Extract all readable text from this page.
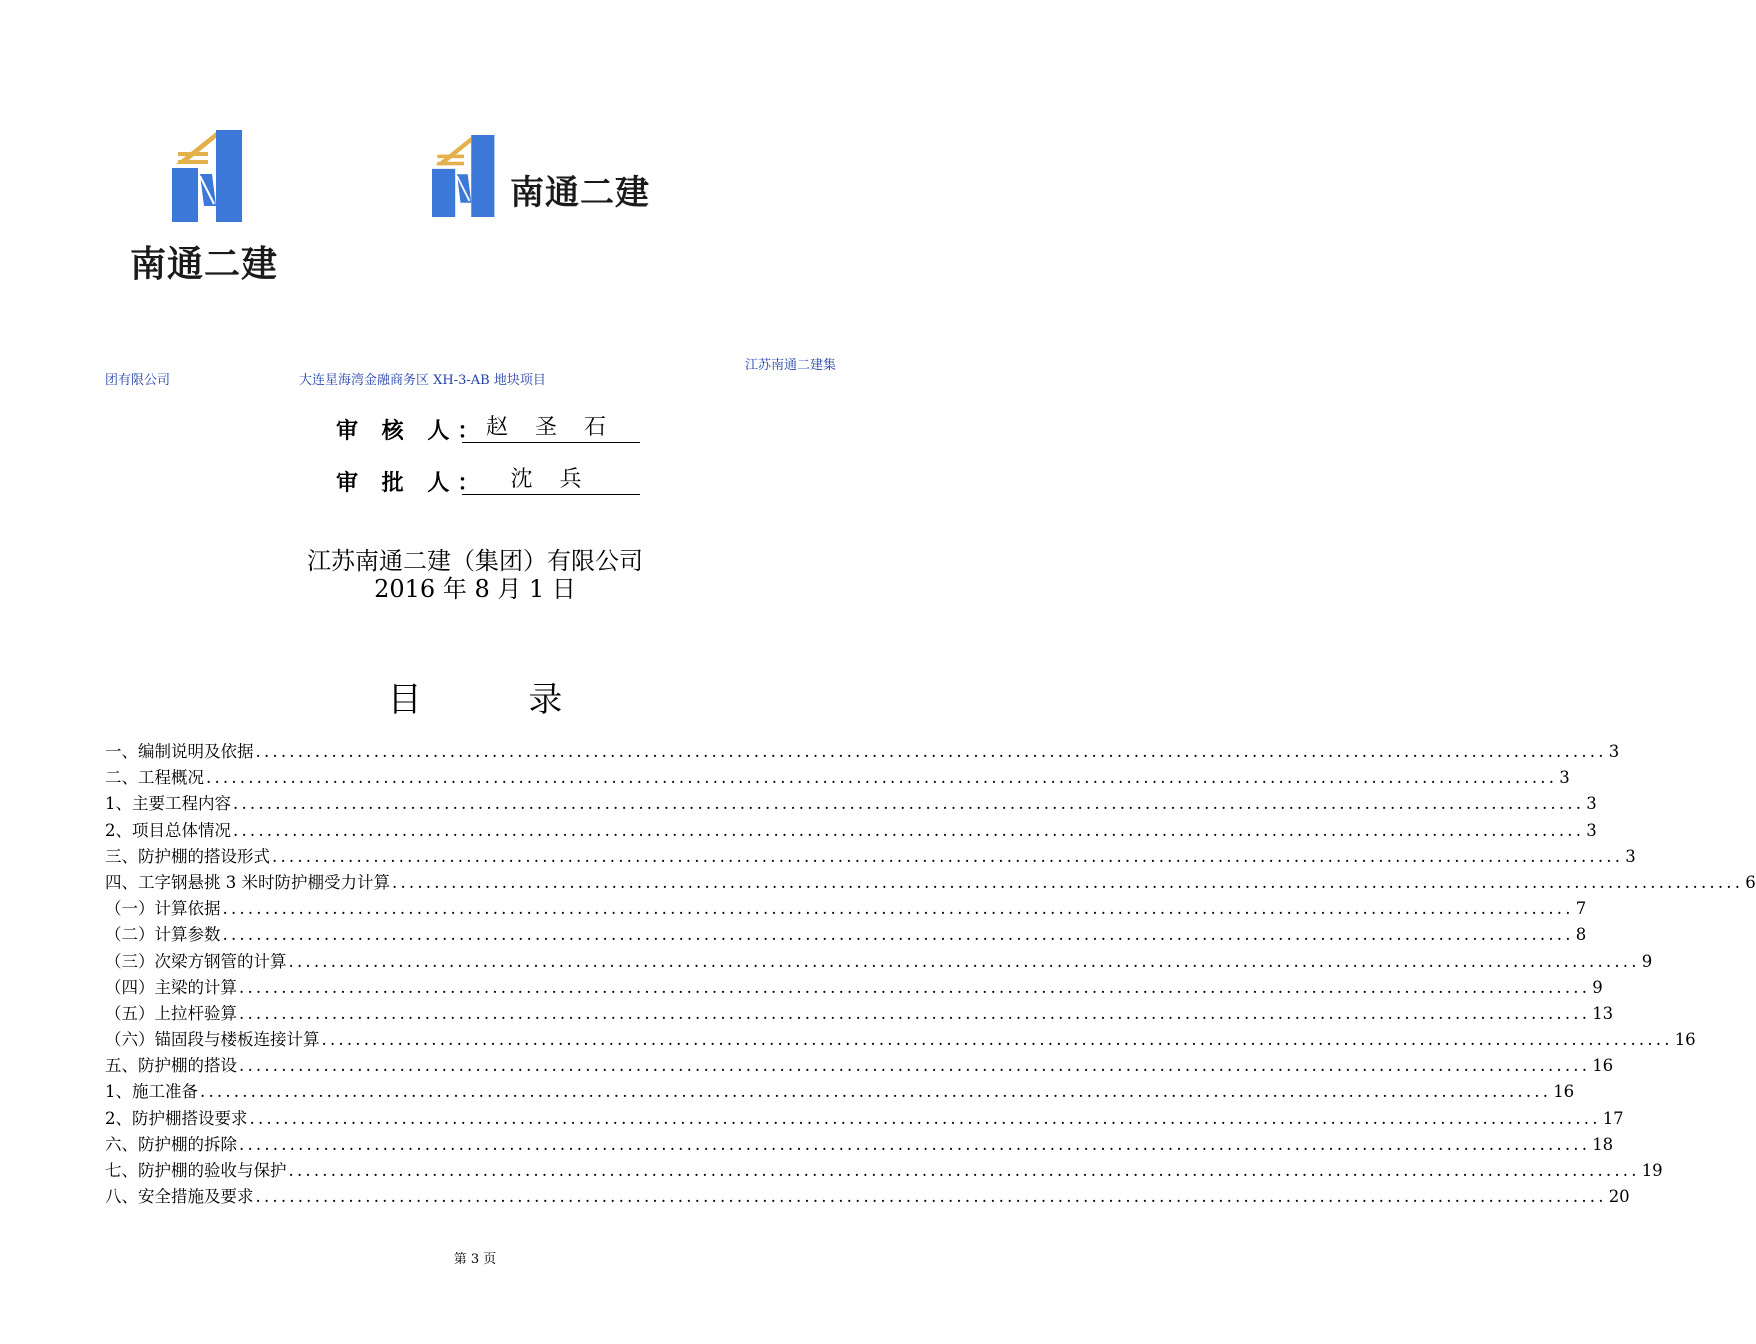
南通二建
南通二建
江苏南通二建集
团有限公司	大连星海湾金融商务区 XH-3-AB 地块项目
审 核 人：
赵 圣 石
审 批 人：	沈 兵
江苏南通二建（集团）有限公司
2016 年 8 月 1 日
目 录
一、编制说明及依据 ................................................................................................................................................................ 3
二、工程概况 ................................................................................................................................................................ 3
1、主要工程内容 ................................................................................................................................................................ 3
2、项目总体情况 ................................................................................................................................................................ 3
三、防护棚的搭设形式 ................................................................................................................................................................ 3
四、工字钢悬挑 3 米时防护棚受力计算 ................................................................................................................................................................ 6
（一）计算依据 ................................................................................................................................................................ 7
（二）计算参数 ................................................................................................................................................................ 8
（三）次梁方钢管的计算 ................................................................................................................................................................ 9
（四）主梁的计算 ................................................................................................................................................................ 9
（五）上拉杆验算 ................................................................................................................................................................ 13
（六）锚固段与楼板连接计算 ................................................................................................................................................................ 16
五、防护棚的搭设 ................................................................................................................................................................ 16
1、施工准备 ................................................................................................................................................................ 16
2、防护棚搭设要求 ................................................................................................................................................................ 17
六、防护棚的拆除 ................................................................................................................................................................ 18
七、防护棚的验收与保护 ................................................................................................................................................................ 19
八、安全措施及要求 ................................................................................................................................................................ 20
第 3 页
